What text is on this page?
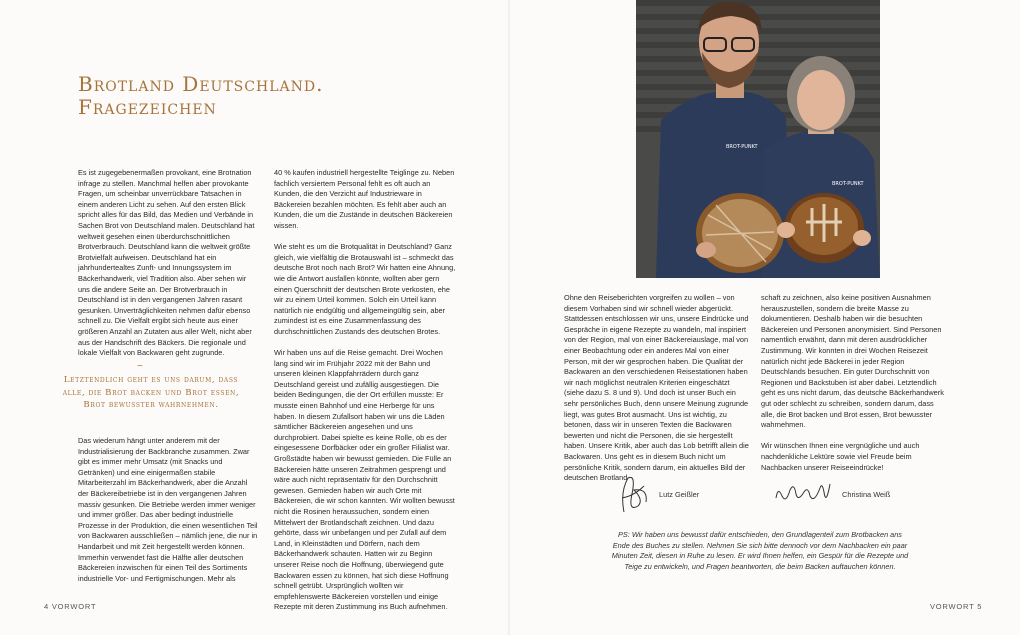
Brotland Deutschland.
Fragezeichen

Es ist zugegebenermaßen provokant, eine Brotnation infrage zu stellen. Manchmal helfen aber provokante Fragen, um scheinbar unverrückbare Tatsachen in einem anderen Licht zu sehen. Auf den ersten Blick spricht alles für das Bild, das Medien und Verbände in Sachen Brot von Deutschland malen. Deutschland hat weltweit gesehen einen überdurchschnittlichen Brotverbrauch. Deutschland kann die weltweit größte Brotvielfalt aufweisen. Deutschland hat ein jahrhundertealtes Zunft- und Innungssystem im Bäckerhandwerk, viel Tradition also. Aber sehen wir uns die andere Seite an. Der Brotverbrauch in Deutschland ist in den vergangenen Jahren rasant gesunken. Unverträglichkeiten nehmen dafür ebenso schnell zu. Die Vielfalt ergibt sich heute aus einer größeren Anzahl an Zutaten aus aller Welt, nicht aber aus der Handschrift des Bäckers. Die regionale und lokale Vielfalt von Backwaren geht zugrunde.

~
Letztendlich geht es uns darum, dass alle, die Brot backen und Brot essen, Brot bewusster wahrnehmen.

Das wiederum hängt unter anderem mit der Industrialisierung der Backbranche zusammen. Zwar gibt es immer mehr Umsatz (mit Snacks und Getränken) und eine einigermaßen stabile Mitarbeiterzahl im Bäckerhandwerk, aber die Anzahl der Bäckereibetriebe ist in den vergangenen Jahren massiv gesunken. Die Betriebe werden immer weniger und immer größer. Das aber bedingt industrielle Prozesse in der Produktion, die einen wesentlichen Teil von Backwaren ausschließen – nämlich jene, die nur in Handarbeit und mit Zeit hergestellt werden können. Immerhin verwendet fast die Hälfte aller deutschen Bäckereien inzwischen für einen Teil des Sortiments industrielle Vor- und Fertigmischungen. Mehr als

40 % kaufen industriell hergestellte Teiglinge zu. Neben fachlich versiertem Personal fehlt es oft auch an Kunden, die den Verzicht auf Industrieware in Bäckereien bezahlen möchten. Es fehlt aber auch an Kunden, die um die Zustände in deutschen Bäckereien wissen.

Wie steht es um die Brotqualität in Deutschland? Ganz gleich, wie vielfältig die Brotauswahl ist – schmeckt das deutsche Brot noch nach Brot? Wir hatten eine Ahnung, wie die Antwort ausfallen könnte, wollten aber gern einen Querschnitt der deutschen Brote verkosten, ehe wir zu einem Urteil kommen. Solch ein Urteil kann natürlich nie endgültig und allgemeingültig sein, aber zumindest ist es eine Zusammenfassung des durchschnittlichen Zustands des deutschen Brotes.

Wir haben uns auf die Reise gemacht. Drei Wochen lang sind wir im Frühjahr 2022 mit der Bahn und unseren kleinen Klappfahrrädern durch ganz Deutschland gereist und zufällig ausgestiegen. Die beiden Bedingungen, die der Ort erfüllen musste: Er musste einen Bahnhof und eine Herberge für uns haben. In diesem Zufallsort haben wir uns die Läden sämtlicher Bäckereien angesehen und uns durchprobiert. Dabei spielte es keine Rolle, ob es der eingesessene Dorfbäcker oder ein großer Filialist war. Großstädte haben wir bewusst gemieden. Die Fülle an Bäckereien hätte unseren Zeitrahmen gesprengt und wäre auch nicht repräsentativ für den Durchschnitt gewesen. Gemieden haben wir auch Orte mit Bäckereien, die wir schon kannten. Wir wollten bewusst nicht die Rosinen heraussuchen, sondern einen Mittelwert der Brotlandschaft zeichnen. Und dazu gehörte, dass wir unbefangen und per Zufall auf dem Land, in Kleinstädten und Dörfern, nach dem Bäckerhandwerk schauten. Hatten wir zu Beginn unserer Reise noch die Hoffnung, überwiegend gute Backwaren essen zu können, hat sich diese Hoffnung schnell getrübt. Ursprünglich wollten wir empfehlenswerte Bäckereien vorstellen und einige Rezepte mit deren Zustimmung ins Buch aufnehmen.

4 VORWORT
BROT-PUNKT
BROT-PUNKT

Ohne den Reiseberichten vorgreifen zu wollen – von diesem Vorhaben sind wir schnell wieder abgerückt. Stattdessen entschlossen wir uns, unsere Eindrücke und Gespräche in eigene Rezepte zu wandeln, mal inspiriert von der Region, mal von einer Bäckereiauslage, mal von einer Beobachtung oder ein anderes Mal von einer Person, mit der wir gesprochen haben. Die Qualität der Backwaren an den verschiedenen Reisestationen haben wir nach möglichst neutralen Kriterien eingeschätzt (siehe dazu S. 8 und 9). Und doch ist unser Buch ein sehr persönliches Buch, denn unsere Meinung zugrunde liegt, was gutes Brot ausmacht. Uns ist wichtig, zu betonen, dass wir in unseren Texten die Backwaren bewerten und nicht die Personen, die sie hergestellt haben. Unsere Kritik, aber auch das Lob betrifft allein die Backwaren. Uns geht es in diesem Buch nicht um persönliche Kritik, sondern darum, ein aktuelles Bild der deutschen Brotland-

schaft zu zeichnen, also keine positiven Ausnahmen herauszustellen, sondern die breite Masse zu dokumentieren. Deshalb haben wir die besuchten Bäckereien und Personen anonymisiert. Sind Personen namentlich erwähnt, dann mit deren ausdrücklicher Zustimmung. Wir konnten in drei Wochen Reisezeit natürlich nicht jede Bäckerei in jeder Region Deutschlands besuchen. Ein guter Durchschnitt von Regionen und Backstuben ist aber dabei. Letztendlich geht es uns nicht darum, das deutsche Bäckerhandwerk gut oder schlecht zu schreiben, sondern darum, dass alle, die Brot backen und Brot essen, Brot bewusster wahrnehmen.

Wir wünschen Ihnen eine vergnügliche und auch nachdenkliche Lektüre sowie viel Freude beim Nachbacken unserer Reiseeindrücke!

Lutz Geißler	Christina Weiß
PS: Wir haben uns bewusst dafür entschieden, den Grundlagenteil zum Brotbacken ans Ende des Buches zu stellen. Nehmen Sie sich bitte dennoch vor dem Nachbacken ein paar Minuten Zeit, diesen in Ruhe zu lesen. Er wird Ihnen helfen, ein Gespür für die Rezepte und Teige zu entwickeln, und Fragen beantworten, die beim Backen auftauchen können.
VORWORT 5
